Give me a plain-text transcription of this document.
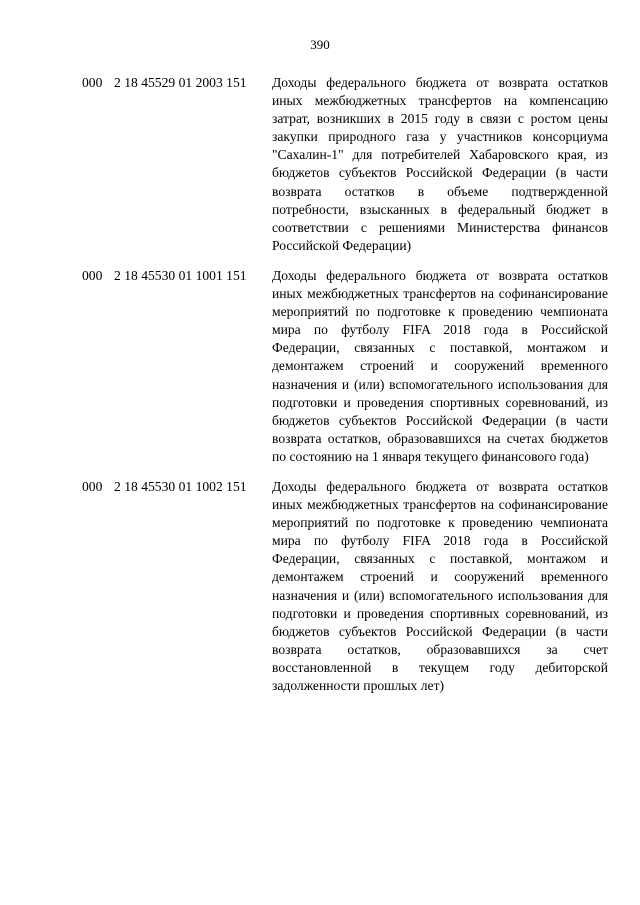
390
000 2 18 45529 01 2003 151	Доходы федерального бюджета от возврата остатков иных межбюджетных трансфертов на компенсацию затрат, возникших в 2015 году в связи с ростом цены закупки природного газа у участников консорциума "Сахалин-1" для потребителей Хабаровского края, из бюджетов субъектов Российской Федерации (в части возврата остатков в объеме подтвержденной потребности, взысканных в федеральный бюджет в соответствии с решениями Министерства финансов Российской Федерации)
000 2 18 45530 01 1001 151	Доходы федерального бюджета от возврата остатков иных межбюджетных трансфертов на софинансирование мероприятий по подготовке к проведению чемпионата мира по футболу FIFA 2018 года в Российской Федерации, связанных с поставкой, монтажом и демонтажем строений и сооружений временного назначения и (или) вспомогательного использования для подготовки и проведения спортивных соревнований, из бюджетов субъектов Российской Федерации (в части возврата остатков, образовавшихся на счетах бюджетов по состоянию на 1 января текущего финансового года)
000 2 18 45530 01 1002 151	Доходы федерального бюджета от возврата остатков иных межбюджетных трансфертов на софинансирование мероприятий по подготовке к проведению чемпионата мира по футболу FIFA 2018 года в Российской Федерации, связанных с поставкой, монтажом и демонтажем строений и сооружений временного назначения и (или) вспомогательного использования для подготовки и проведения спортивных соревнований, из бюджетов субъектов Российской Федерации (в части возврата остатков, образовавшихся за счет восстановленной в текущем году дебиторской задолженности прошлых лет)
